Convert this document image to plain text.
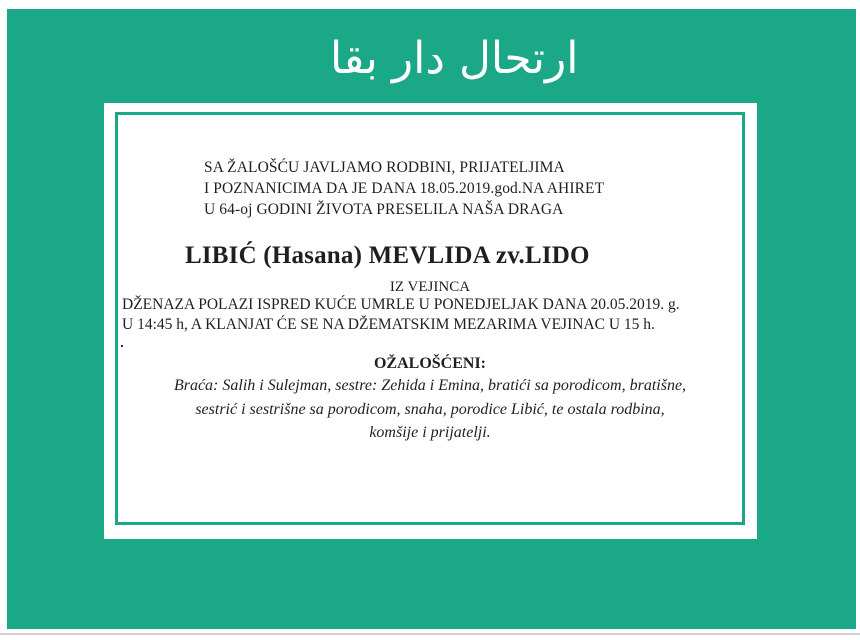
ارتحال دار بقا
SA ŽALOŠĆU JAVLJAMO RODBINI, PRIJATELJIMA
I POZNANICIMA DA JE DANA 18.05.2019.god.NA AHIRET
U 64-oj GODINI ŽIVOTA PRESELILA NAŠA DRAGA
LIBIĆ (Hasana) MEVLIDA zv.LIDO
IZ VEJINCA
DŽENAZA POLAZI ISPRED KUĆE UMRLE U PONEDJELJAK DANA 20.05.2019. g.
U 14:45 h, A KLANJAT ĆE SE NA DŽEMATSKIM MEZARIMA VEJINAC U 15 h.
OŽALOŠĆENI:
Braća: Salih i Sulejman, sestre: Zehida i Emina, bratići sa porodicom, bratišne,
sestrić i sestrišne sa porodicom, snaha, porodice Libić, te ostala rodbina,
komšije i prijatelji.
